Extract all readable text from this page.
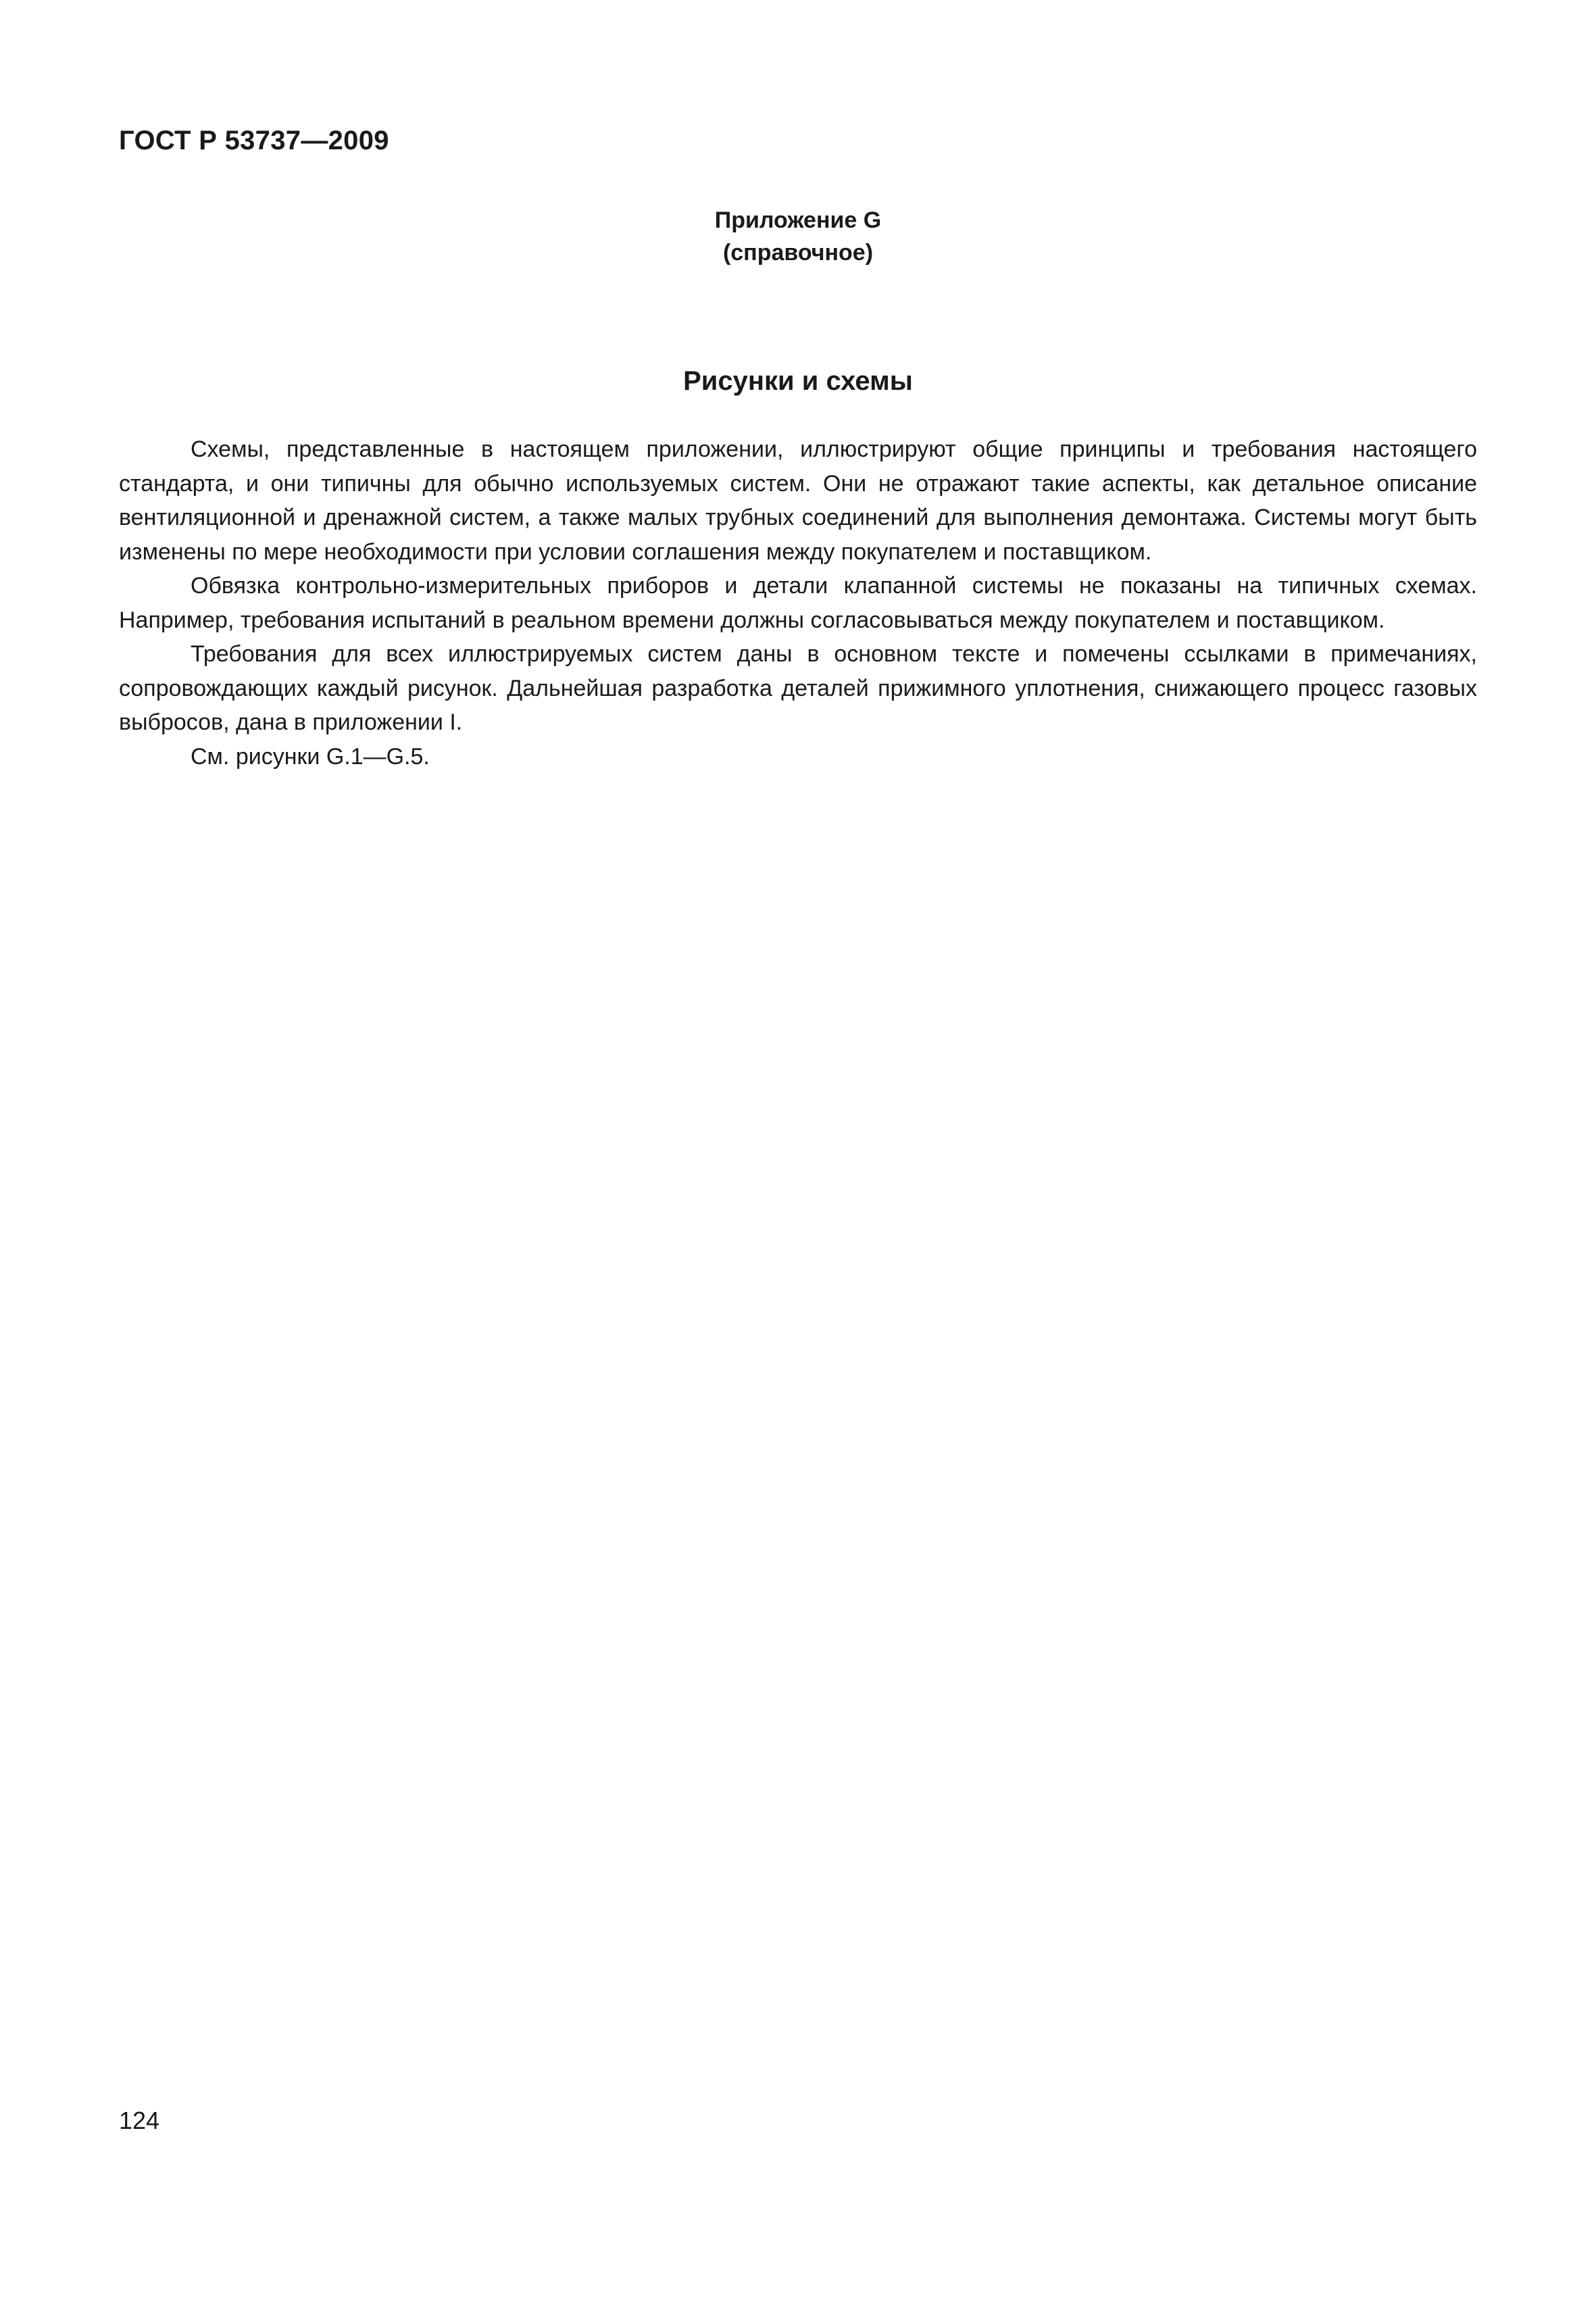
ГОСТ Р 53737—2009
Приложение G
(справочное)
Рисунки и схемы

Схемы, представленные в настоящем приложении, иллюстрируют общие принципы и требования настоящего стандарта, и они типичны для обычно используемых систем. Они не отражают такие аспекты, как детальное описание вентиляционной и дренажной систем, а также малых трубных соединений для выполнения демонтажа. Системы могут быть изменены по мере необходимости при условии соглашения между покупателем и поставщиком.

Обвязка контрольно-измерительных приборов и детали клапанной системы не показаны на типичных схемах. Например, требования испытаний в реальном времени должны согласовываться между покупателем и поставщиком.

Требования для всех иллюстрируемых систем даны в основном тексте и помечены ссылками в примечаниях, сопровождающих каждый рисунок. Дальнейшая разработка деталей прижимного уплотнения, снижающего процесс газовых выбросов, дана в приложении I.

См. рисунки G.1—G.5.

124
